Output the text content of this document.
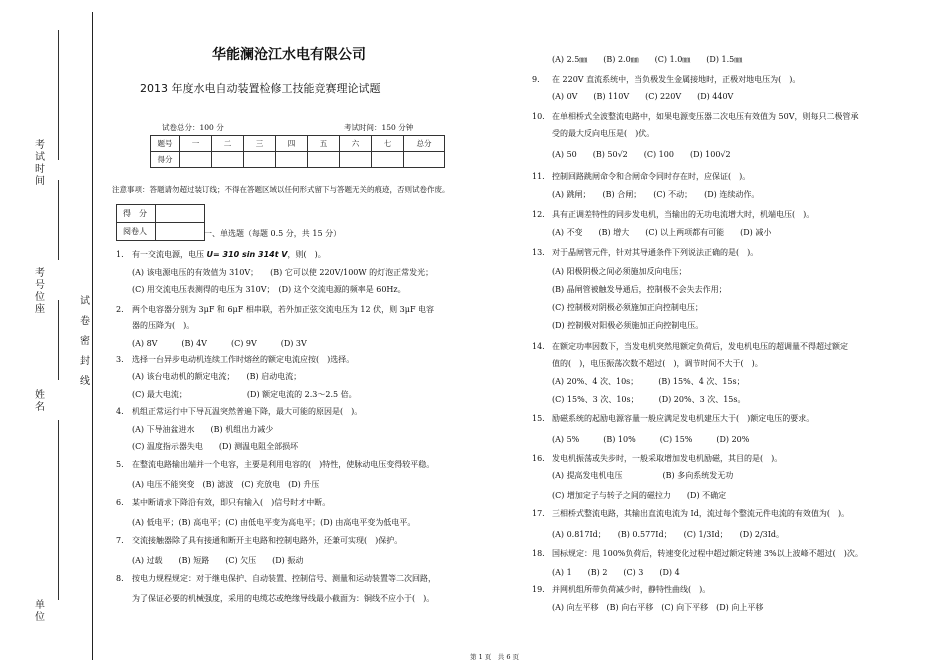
考试时间
考号位座
姓名
单位
试
卷
密
封
线
华能澜沧江水电有限公司
2013 年度水电自动装置检修工技能竞赛理论试题
试卷总分：100 分	考试时间：150 分钟
题号	一	二	三	四	五	六	七	总分
得分								
注意事项：答题请勿超过装订线；不得在答题区域以任何形式留下与答题无关的痕迹，否则试卷作废。
得　分	
阅卷人		一、单选题（每题 0.5 分，共 15 分）
1. 有一交流电源，电压 U= 310 sin 314t V，则(　)。
(A) 该电源电压的有效值为 310V；　　(B) 它可以使 220V/100W 的灯泡正常发光；
(C) 用交流电压表测得的电压为 310V；　(D) 这个交流电源的频率是 60Hz。
2. 两个电容器分别为 3μF 和 6μF 相串联，若外加正弦交流电压为 12 伏，则 3μF 电容
器的压降为(　)。
(A) 8V　　　(B) 4V　　　(C) 9V　　　(D) 3V
3. 选择一台异步电动机连续工作时熔丝的额定电流应按(　)选择。
(A) 该台电动机的额定电流；　　(B) 启动电流；
(C) 最大电流；　　　　　　　　(D) 额定电流的 2.3～2.5 倍。
4. 机组正常运行中下导瓦温突然普遍下降，最大可能的原因是(　)。
(A) 下导油盆进水　　(B) 机组出力减少
(C) 温度指示器失电　　(D) 测温电阻全部损坏
5. 在整流电路输出端并一个电容，主要是利用电容的(　)特性，使脉动电压变得较平稳。
(A) 电压不能突变　(B) 滤波　(C) 充放电　(D) 升压
6. 某中断请求下降沿有效，即只有输入(　)信号时才中断。
(A) 低电平；(B) 高电平；(C) 由低电平变为高电平；(D) 由高电平变为低电平。
7. 交流接触器除了具有接通和断开主电路和控制电路外，还兼可实现(　)保护。
(A) 过载　　(B) 短路　　(C) 欠压　　(D) 振动
8. 按电力规程规定：对于继电保护、自动装置、控制信号、测量和运动装置等二次回路，
为了保证必要的机械强度，采用的电缆芯或绝缘导线最小截面为：铜线不应小于(　)。
(A) 2.5㎜　　(B) 2.0㎜　　(C) 1.0㎜　　(D) 1.5㎜
9. 在 220V 直流系统中，当负极发生金属接地时，正极对地电压为(　)。
(A) 0V　　(B) 110V　　(C) 220V　　(D) 440V
10. 在单相桥式全波整流电路中，如果电源变压器二次电压有效值为 50V，则每只二极管承
受的最大反向电压是(　)伏。
(A) 50　　(B) 50√2　　(C) 100　　(D) 100√2
11. 控制回路跳闸命令和合闸命令同时存在时，应保证(　)。
(A) 跳闸；　　(B) 合闸；　　(C) 不动；　　(D) 连续动作。
12. 具有正调差特性的同步发电机，当输出的无功电流增大时，机端电压(　)。
(A) 不变　　(B) 增大　　(C) 以上两项都有可能　　(D) 减小
13. 对于晶闸管元件，针对其导通条件下列说法正确的是(　)。
(A) 阳极阴极之间必须施加反向电压；
(B) 晶闸管被触发导通后，控制极不会失去作用；
(C) 控制极对阴极必须施加正向控制电压；
(D) 控制极对阳极必须施加正向控制电压。
14. 在额定功率因数下，当发电机突然甩额定负荷后，发电机电压的超调量不得超过额定
值的(　)，电压振荡次数不超过(　)，调节时间不大于(　)。
(A) 20%、4 次、10s；　　　(B) 15%、4 次、15s；
(C) 15%、3 次、10s；　　　(D) 20%、3 次、15s。
15. 励磁系统的起励电源容量一般应满足发电机建压大于(　)额定电压的要求。
(A) 5%　　　(B) 10%　　　(C) 15%　　　(D) 20%
16. 发电机振荡或失步时，一般采取增加发电机励磁，其目的是(　)。
(A) 提高发电机电压　　　　　(B) 多向系统发无功
(C) 增加定子与转子之间的磁拉力　　(D) 不确定
17. 三相桥式整流电路，其输出直流电流为 Id，流过每个整流元件电流的有效值为(　)。
(A) 0.817Id；　　(B) 0.577Id；　　(C) 1/3Id；　　(D) 2/3Id。
18. 国标规定：甩 100%负荷后，转速变化过程中超过额定转速 3%以上波峰不超过(　)次。
(A) 1　　(B) 2　　(C) 3　　(D) 4
19. 并网机组所带负荷减少时，静特性曲线(　)。
(A) 向左平移　(B) 向右平移　(C) 向下平移　(D) 向上平移
第 1 页　共 6 页
